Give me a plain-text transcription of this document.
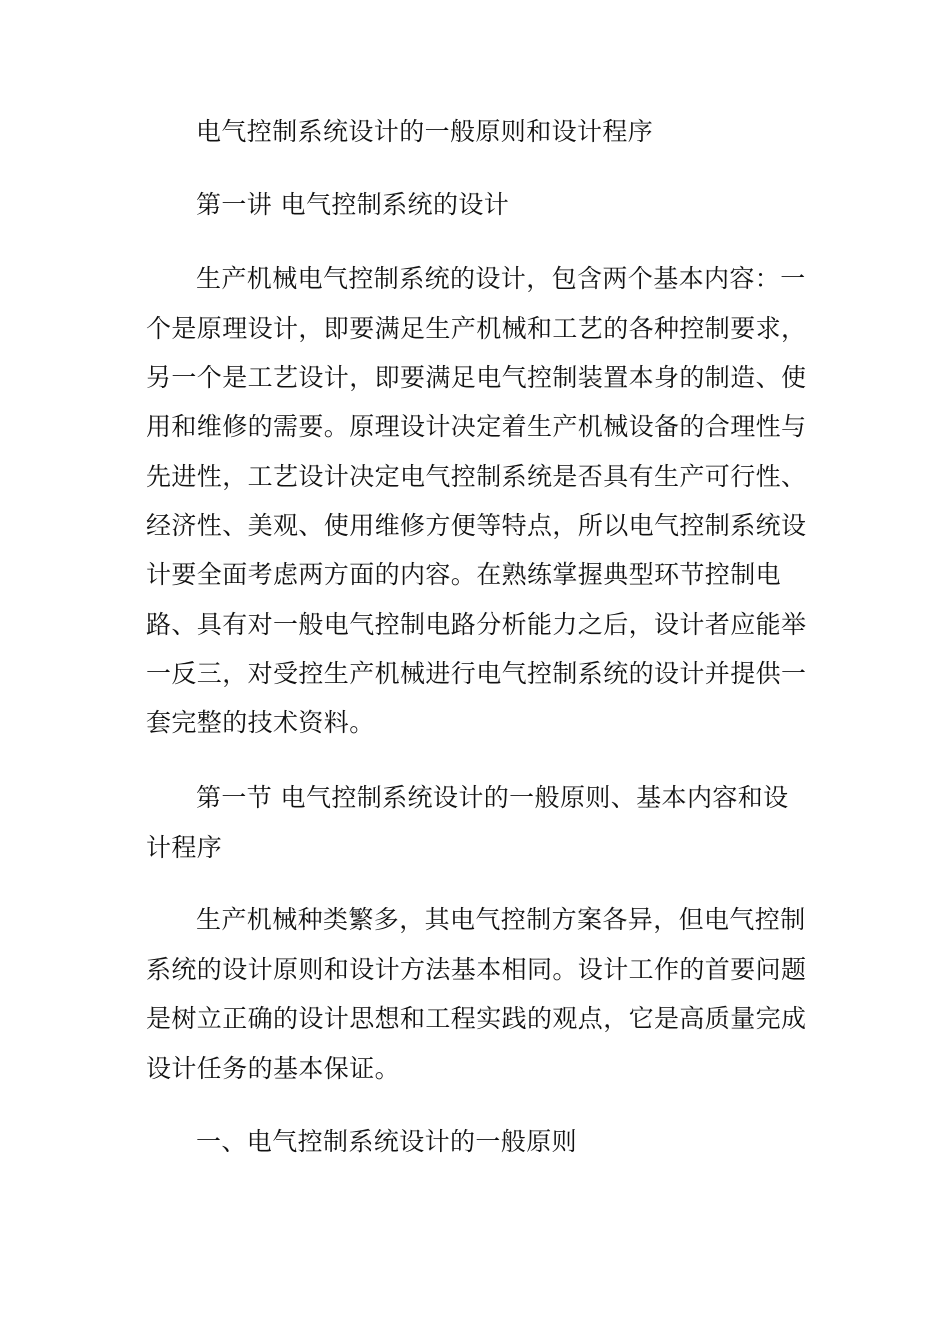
电气控制系统设计的一般原则和设计程序
第一讲 电气控制系统的设计
生产机械电气控制系统的设计，包含两个基本内容：一
个是原理设计，即要满足生产机械和工艺的各种控制要求，
另一个是工艺设计，即要满足电气控制装置本身的制造、使
用和维修的需要。原理设计决定着生产机械设备的合理性与
先进性，工艺设计决定电气控制系统是否具有生产可行性、
经济性、美观、使用维修方便等特点，所以电气控制系统设
计要全面考虑两方面的内容。在熟练掌握典型环节控制电
路、具有对一般电气控制电路分析能力之后，设计者应能举
一反三，对受控生产机械进行电气控制系统的设计并提供一
套完整的技术资料。
第一节 电气控制系统设计的一般原则、基本内容和设
计程序
生产机械种类繁多，其电气控制方案各异，但电气控制
系统的设计原则和设计方法基本相同。设计工作的首要问题
是树立正确的设计思想和工程实践的观点，它是高质量完成
设计任务的基本保证。
一、电气控制系统设计的一般原则
